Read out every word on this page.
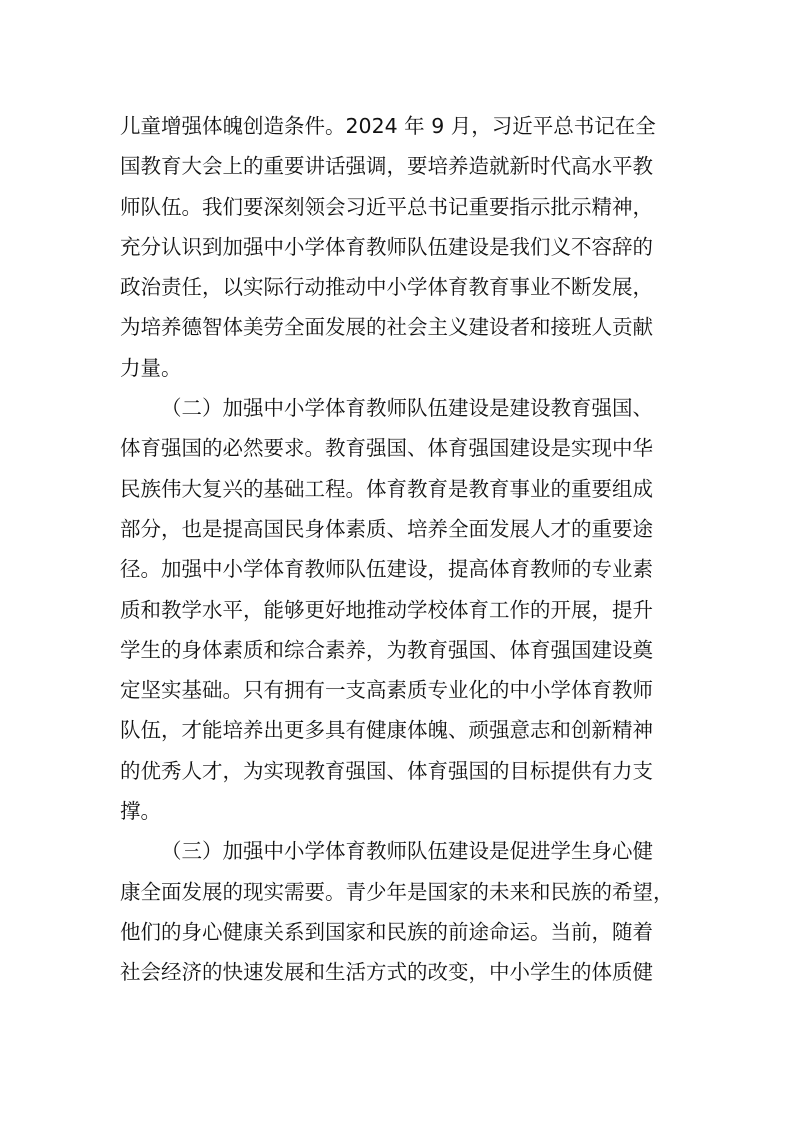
儿童增强体魄创造条件。2024 年 9 月，习近平总书记在全
国教育大会上的重要讲话强调，要培养造就新时代高水平教
师队伍。我们要深刻领会习近平总书记重要指示批示精神，
充分认识到加强中小学体育教师队伍建设是我们义不容辞的
政治责任，以实际行动推动中小学体育教育事业不断发展，
为培养德智体美劳全面发展的社会主义建设者和接班人贡献
力量。
（二）加强中小学体育教师队伍建设是建设教育强国、
体育强国的必然要求。教育强国、体育强国建设是实现中华
民族伟大复兴的基础工程。体育教育是教育事业的重要组成
部分，也是提高国民身体素质、培养全面发展人才的重要途
径。加强中小学体育教师队伍建设，提高体育教师的专业素
质和教学水平，能够更好地推动学校体育工作的开展，提升
学生的身体素质和综合素养，为教育强国、体育强国建设奠
定坚实基础。只有拥有一支高素质专业化的中小学体育教师
队伍，才能培养出更多具有健康体魄、顽强意志和创新精神
的优秀人才，为实现教育强国、体育强国的目标提供有力支
撑。
（三）加强中小学体育教师队伍建设是促进学生身心健
康全面发展的现实需要。青少年是国家的未来和民族的希望，
他们的身心健康关系到国家和民族的前途命运。当前，随着
社会经济的快速发展和生活方式的改变，中小学生的体质健
